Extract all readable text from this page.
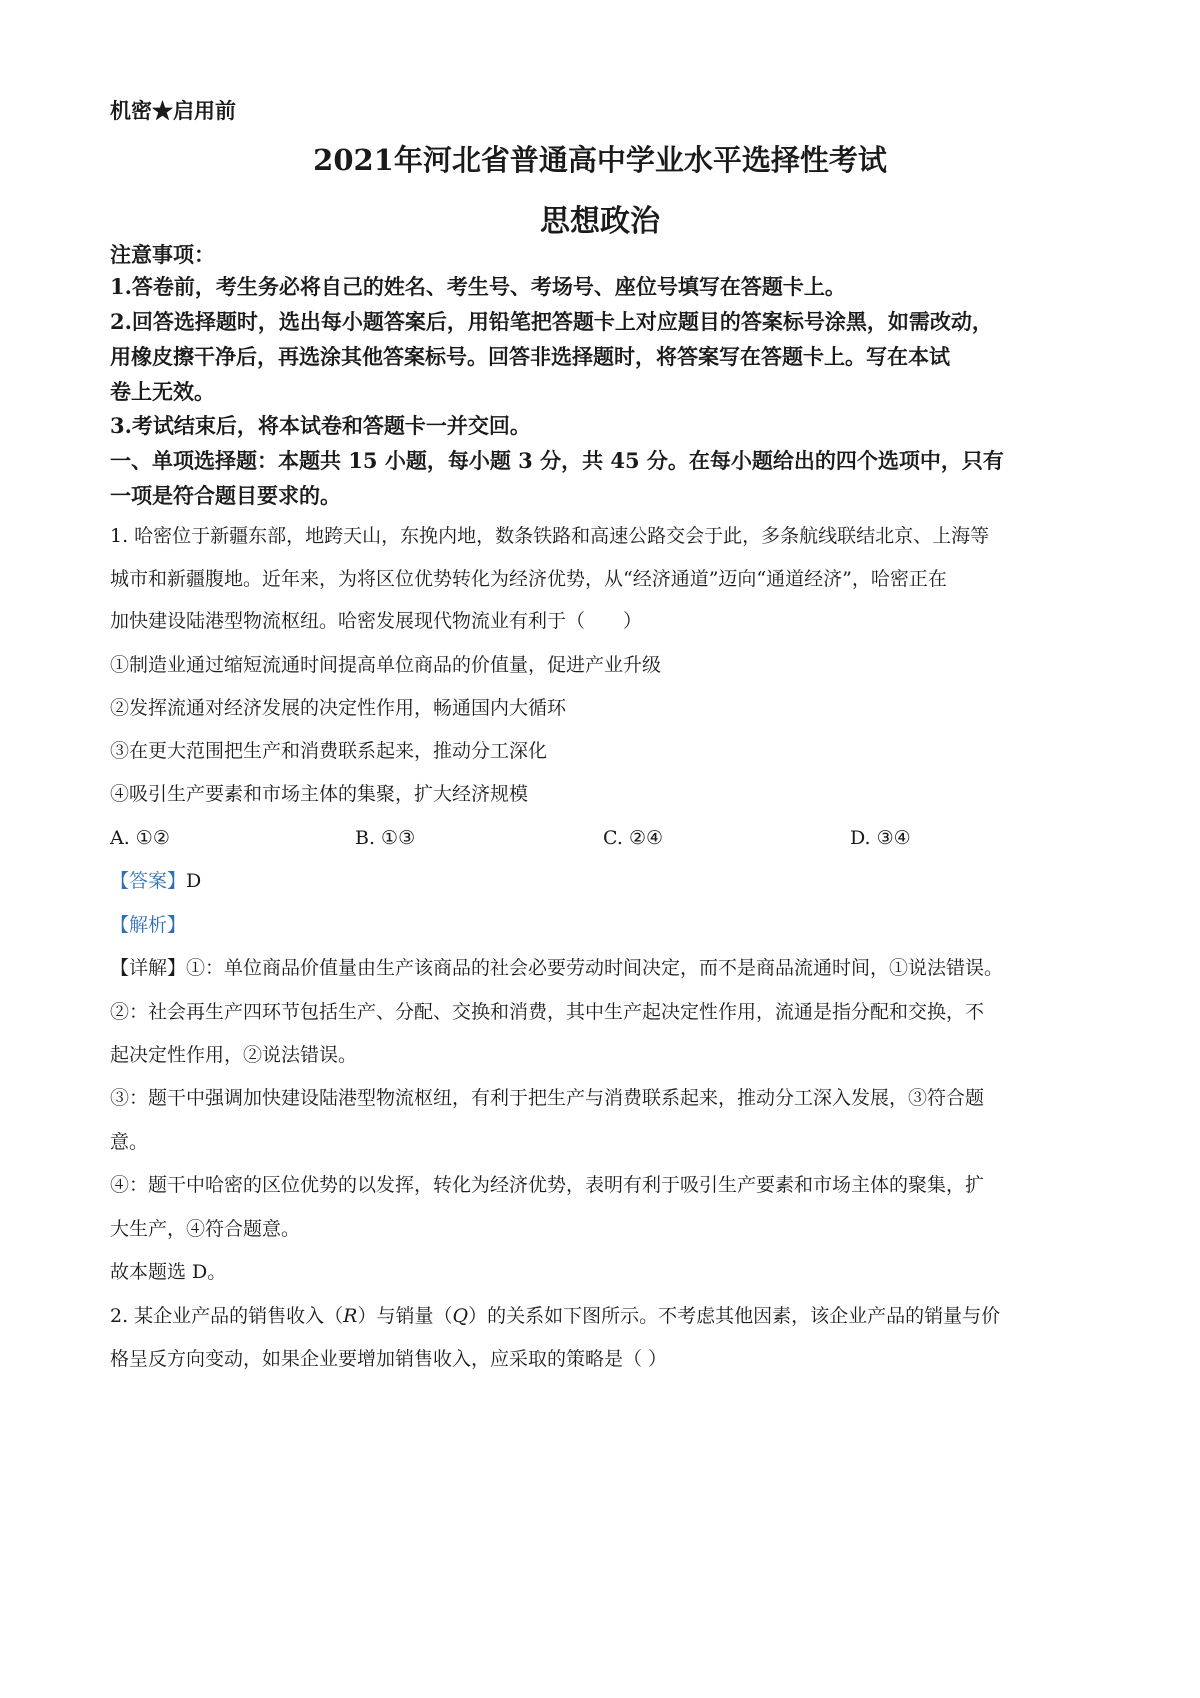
机密★启用前
2021年河北省普通高中学业水平选择性考试
思想政治
注意事项：
1.答卷前，考生务必将自己的姓名、考生号、考场号、座位号填写在答题卡上。
2.回答选择题时，选出每小题答案后，用铅笔把答题卡上对应题目的答案标号涂黑，如需改动，
用橡皮擦干净后，再选涂其他答案标号。回答非选择题时，将答案写在答题卡上。写在本试
卷上无效。
3.考试结束后，将本试卷和答题卡一并交回。
一、单项选择题：本题共 15 小题，每小题 3 分，共 45 分。在每小题给出的四个选项中，只有
一项是符合题目要求的。
1. 哈密位于新疆东部，地跨天山，东挽内地，数条铁路和高速公路交会于此，多条航线联结北京、上海等
城市和新疆腹地。近年来，为将区位优势转化为经济优势，从“经济通道”迈向“通道经济”，哈密正在
加快建设陆港型物流枢纽。哈密发展现代物流业有利于（　　）
①制造业通过缩短流通时间提高单位商品的价值量，促进产业升级
②发挥流通对经济发展的决定性作用，畅通国内大循环
③在更大范围把生产和消费联系起来，推动分工深化
④吸引生产要素和市场主体的集聚，扩大经济规模
A. ①②	B. ①③	C. ②④	D. ③④
【答案】D
【解析】
【详解】①：单位商品价值量由生产该商品的社会必要劳动时间决定，而不是商品流通时间，①说法错误。
②：社会再生产四环节包括生产、分配、交换和消费，其中生产起决定性作用，流通是指分配和交换，不
起决定性作用，②说法错误。
③：题干中强调加快建设陆港型物流枢纽，有利于把生产与消费联系起来，推动分工深入发展，③符合题
意。
④：题干中哈密的区位优势的以发挥，转化为经济优势，表明有利于吸引生产要素和市场主体的聚集，扩
大生产，④符合题意。
故本题选 D。
2. 某企业产品的销售收入（R）与销量（Q）的关系如下图所示。不考虑其他因素，该企业产品的销量与价
格呈反方向变动，如果企业要增加销售收入，应采取的策略是（ ）
